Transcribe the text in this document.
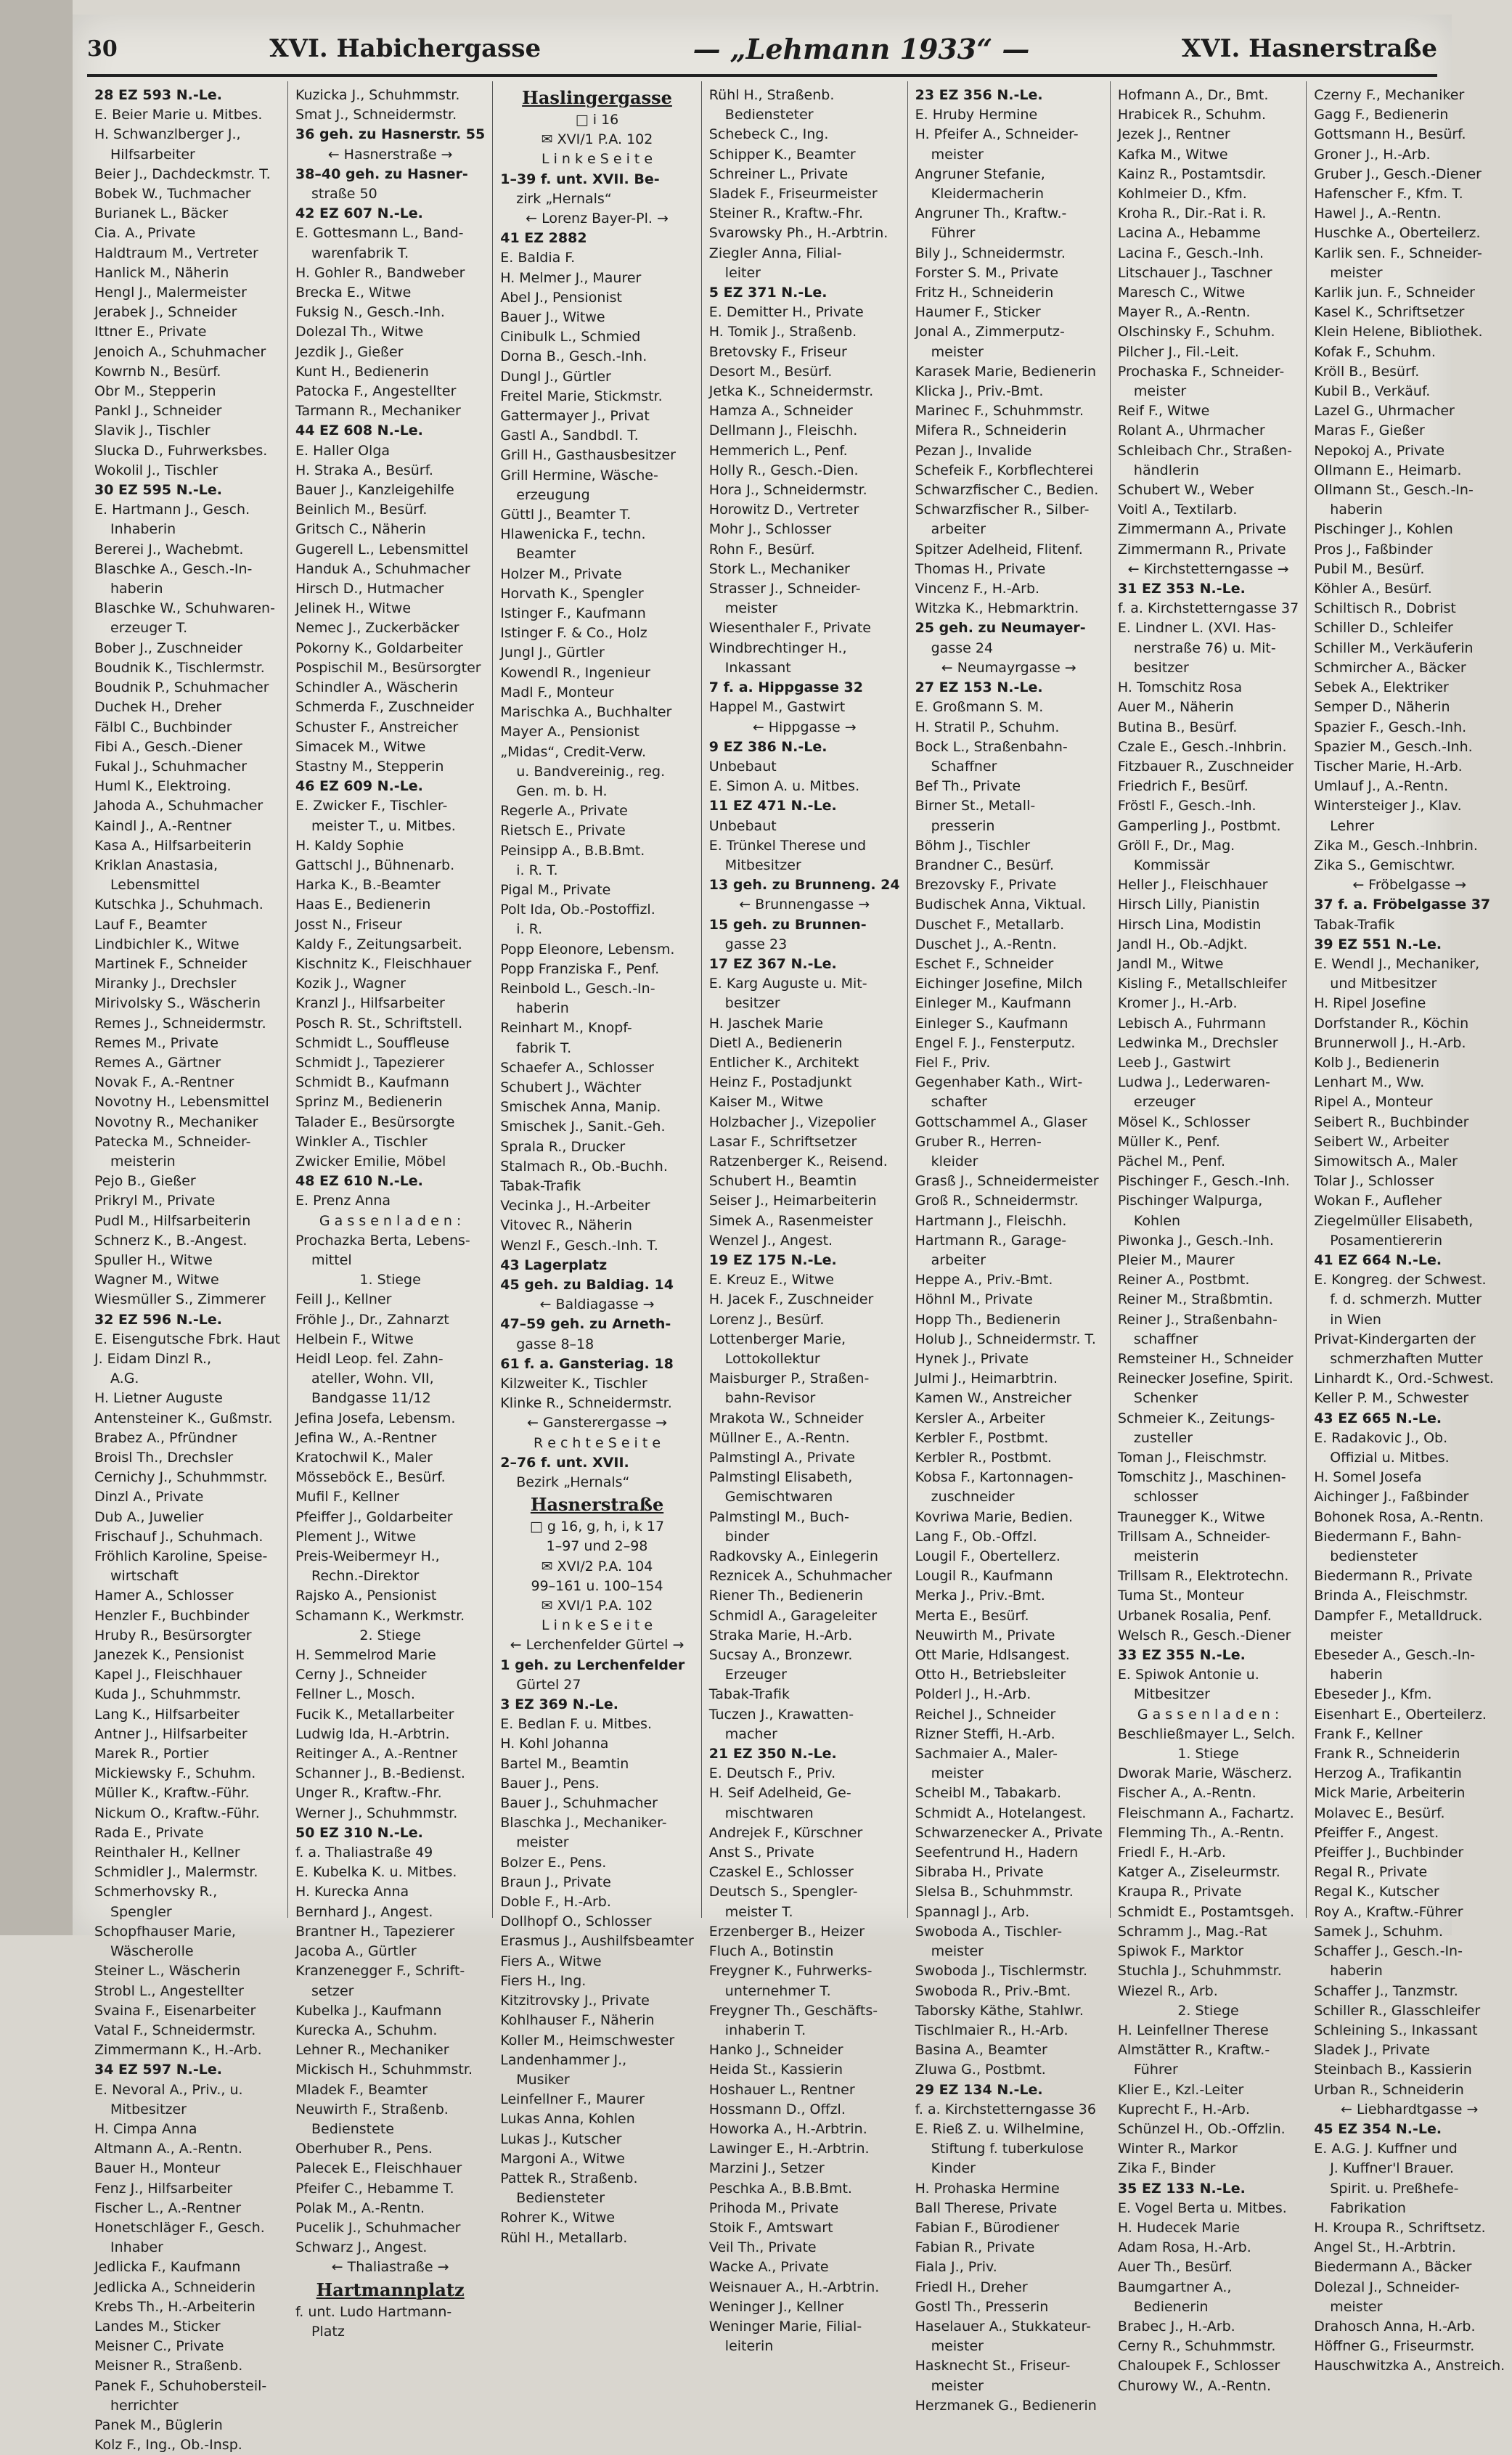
30	XVI. Habichergasse	— „Lehmann 1933“ —	XVI. Hasnerstraße
28 EZ 593 N.-Le.
E. Beier Marie u. Mitbes.
H. Schwanzlberger J.,
Hilfsarbeiter
Beier J., Dachdeckmstr. T.
Bobek W., Tuchmacher
Burianek L., Bäcker
Cia. A., Private
Haldtraum M., Vertreter
Hanlick M., Näherin
Hengl J., Malermeister
Jerabek J., Schneider
Ittner E., Private
Jenoich A., Schuhmacher
Kowrnb N., Besürf.
Obr M., Stepperin
Pankl J., Schneider
Slavik J., Tischler
Slucka D., Fuhrwerksbes.
Wokolil J., Tischler
30 EZ 595 N.-Le.
E. Hartmann J., Gesch.
Inhaberin
Bererei J., Wachebmt.
Blaschke A., Gesch.-In-
haberin
Blaschke W., Schuhwaren-
erzeuger T.
Bober J., Zuschneider
Boudnik K., Tischlermstr.
Boudnik P., Schuhmacher
Duchek H., Dreher
Fälbl C., Buchbinder
Fibi A., Gesch.-Diener
Fukal J., Schuhmacher
Huml K., Elektroing.
Jahoda A., Schuhmacher
Kaindl J., A.-Rentner
Kasa A., Hilfsarbeiterin
Kriklan Anastasia,
Lebensmittel
Kutschka J., Schuhmach.
Lauf F., Beamter
Lindbichler K., Witwe
Martinek F., Schneider
Miranky J., Drechsler
Mirivolsky S., Wäscherin
Remes J., Schneidermstr.
Remes M., Private
Remes A., Gärtner
Novak F., A.-Rentner
Novotny H., Lebensmittel
Novotny R., Mechaniker
Patecka M., Schneider-
meisterin
Pejo B., Gießer
Prikryl M., Private
Pudl M., Hilfsarbeiterin
Schnerz K., B.-Angest.
Spuller H., Witwe
Wagner M., Witwe
Wiesmüller S., Zimmerer
32 EZ 596 N.-Le.
E. Eisengutsche Fbrk. Haut
J. Eidam Dinzl R.,
A.G.
H. Lietner Auguste
Antensteiner K., Gußmstr.
Brabez A., Pfründner
Broisl Th., Drechsler
Cernichy J., Schuhmmstr.
Dinzl A., Private
Dub A., Juwelier
Frischauf J., Schuhmach.
Fröhlich Karoline, Speise-
wirtschaft
Hamer A., Schlosser
Henzler F., Buchbinder
Hruby R., Besürsorgter
Janezek K., Pensionist
Kapel J., Fleischhauer
Kuda J., Schuhmmstr.
Lang K., Hilfsarbeiter
Antner J., Hilfsarbeiter
Marek R., Portier
Mickiewsky F., Schuhm.
Müller K., Kraftw.-Führ.
Nickum O., Kraftw.-Führ.
Rada E., Private
Reinthaler H., Kellner
Schmidler J., Malermstr.
Schmerhovsky R.,
Spengler
Schopfhauser Marie,
Wäscherolle
Steiner L., Wäscherin
Strobl L., Angestellter
Svaina F., Eisenarbeiter
Vatal F., Schneidermstr.
Zimmermann K., H.-Arb.
34 EZ 597 N.-Le.
E. Nevoral A., Priv., u.
Mitbesitzer
H. Cimpa Anna
Altmann A., A.-Rentn.
Bauer H., Monteur
Fenz J., Hilfsarbeiter
Fischer L., A.-Rentner
Honetschläger F., Gesch.
Inhaber
Jedlicka F., Kaufmann
Jedlicka A., Schneiderin
Krebs Th., H.-Arbeiterin
Landes M., Sticker
Meisner C., Private
Meisner R., Straßenb.
Panek F., Schuhobersteil-
herrichter
Panek M., Büglerin
Kolz F., Ing., Ob.-Insp.
Kuzicka J., Schuhmmstr.
Smat J., Schneidermstr.
36 geh. zu Hasnerstr. 55
← Hasnerstraße →
38–40 geh. zu Hasner-
straße 50
42 EZ 607 N.-Le.
E. Gottesmann L., Band-
warenfabrik T.
H. Gohler R., Bandweber
Brecka E., Witwe
Fuksig N., Gesch.-Inh.
Dolezal Th., Witwe
Jezdik J., Gießer
Kunt H., Bedienerin
Patocka F., Angestellter
Tarmann R., Mechaniker
44 EZ 608 N.-Le.
E. Haller Olga
H. Straka A., Besürf.
Bauer J., Kanzleigehilfe
Beinlich M., Besürf.
Gritsch C., Näherin
Gugerell L., Lebensmittel
Handuk A., Schuhmacher
Hirsch D., Hutmacher
Jelinek H., Witwe
Nemec J., Zuckerbäcker
Pokorny K., Goldarbeiter
Pospischil M., Besürsorgter
Schindler A., Wäscherin
Schmerda F., Zuschneider
Schuster F., Anstreicher
Simacek M., Witwe
Stastny M., Stepperin
46 EZ 609 N.-Le.
E. Zwicker F., Tischler-
meister T., u. Mitbes.
H. Kaldy Sophie
Gattschl J., Bühnenarb.
Harka K., B.-Beamter
Haas E., Bedienerin
Josst N., Friseur
Kaldy F., Zeitungsarbeit.
Kischnitz K., Fleischhauer
Kozik J., Wagner
Kranzl J., Hilfsarbeiter
Posch R. St., Schriftstell.
Schmidt L., Souffleuse
Schmidt J., Tapezierer
Schmidt B., Kaufmann
Sprinz M., Bedienerin
Talader E., Besürsorgte
Winkler A., Tischler
Zwicker Emilie, Möbel
48 EZ 610 N.-Le.
E. Prenz Anna
G a s s e n l a d e n :
Prochazka Berta, Lebens-
mittel
1. Stiege
Feill J., Kellner
Fröhle J., Dr., Zahnarzt
Helbein F., Witwe
Heidl Leop. fel. Zahn-
ateller, Wohn. VII,
Bandgasse 11/12
Jefina Josefa, Lebensm.
Jefina W., A.-Rentner
Kratochwil K., Maler
Mösseböck E., Besürf.
Mufil F., Kellner
Pfeiffer J., Goldarbeiter
Plement J., Witwe
Preis-Weibermeyr H.,
Rechn.-Direktor
Rajsko A., Pensionist
Schamann K., Werkmstr.
2. Stiege
H. Semmelrod Marie
Cerny J., Schneider
Fellner L., Mosch.
Fucik K., Metallarbeiter
Ludwig Ida, H.-Arbtrin.
Reitinger A., A.-Rentner
Schanner J., B.-Bedienst.
Unger R., Kraftw.-Fhr.
Werner J., Schuhmmstr.
50 EZ 310 N.-Le.
f. a. Thaliastraße 49
E. Kubelka K. u. Mitbes.
H. Kurecka Anna
Bernhard J., Angest.
Brantner H., Tapezierer
Jacoba A., Gürtler
Kranzenegger F., Schrift-
setzer
Kubelka J., Kaufmann
Kurecka A., Schuhm.
Lehner R., Mechaniker
Mickisch H., Schuhmmstr.
Mladek F., Beamter
Neuwirth F., Straßenb.
Bedienstete
Oberhuber R., Pens.
Palecek E., Fleischhauer
Pfeifer C., Hebamme T.
Polak M., A.-Rentn.
Pucelik J., Schuhmacher
Schwarz J., Angest.
← Thaliastraße →
Hartmannplatz
f. unt. Ludo Hartmann-
Platz
Haslingergasse
□ i 16
✉ XVI/1 P.A. 102
L i n k e S e i t e
1–39 f. unt. XVII. Be-
zirk „Hernals“
← Lorenz Bayer-Pl. →
41 EZ 2882
E. Baldia F.
H. Melmer J., Maurer
Abel J., Pensionist
Bauer J., Witwe
Cinibulk L., Schmied
Dorna B., Gesch.-Inh.
Dungl J., Gürtler
Freitel Marie, Stickmstr.
Gattermayer J., Privat
Gastl A., Sandbdl. T.
Grill H., Gasthausbesitzer
Grill Hermine, Wäsche-
erzeugung
Güttl J., Beamter T.
Hlawenicka F., techn.
Beamter
Holzer M., Private
Horvath K., Spengler
Istinger F., Kaufmann
Istinger F. & Co., Holz
Jungl J., Gürtler
Kowendl R., Ingenieur
Madl F., Monteur
Marischka A., Buchhalter
Mayer A., Pensionist
„Midas“, Credit-Verw.
u. Bandvereinig., reg.
Gen. m. b. H.
Regerle A., Private
Rietsch E., Private
Peinsipp A., B.B.Bmt.
i. R. T.
Pigal M., Private
Polt Ida, Ob.-Postoffizl.
i. R.
Popp Eleonore, Lebensm.
Popp Franziska F., Penf.
Reinbold L., Gesch.-In-
haberin
Reinhart M., Knopf-
fabrik T.
Schaefer A., Schlosser
Schubert J., Wächter
Smischek Anna, Manip.
Smischek J., Sanit.-Geh.
Sprala R., Drucker
Stalmach R., Ob.-Buchh.
Tabak-Trafik
Vecinka J., H.-Arbeiter
Vitovec R., Näherin
Wenzl F., Gesch.-Inh. T.
43 Lagerplatz
45 geh. zu Baldiag. 14
← Baldiagasse →
47–59 geh. zu Arneth-
gasse 8–18
61 f. a. Gansteriag. 18
Kilzweiter K., Tischler
Klinke R., Schneidermstr.
← Gansterergasse →
R e c h t e S e i t e
2–76 f. unt. XVII.
Bezirk „Hernals“
Hasnerstraße
□ g 16, g, h, i, k 17
1–97 und 2–98
✉ XVI/2 P.A. 104
99–161 u. 100–154
✉ XVI/1 P.A. 102
L i n k e S e i t e
← Lerchenfelder Gürtel →
1 geh. zu Lerchenfelder
Gürtel 27
3 EZ 369 N.-Le.
E. Bedlan F. u. Mitbes.
H. Kohl Johanna
Bartel M., Beamtin
Bauer J., Pens.
Bauer J., Schuhmacher
Blaschka J., Mechaniker-
meister
Bolzer E., Pens.
Braun J., Private
Doble F., H.-Arb.
Dollhopf O., Schlosser
Erasmus J., Aushilfsbeamter
Fiers A., Witwe
Fiers H., Ing.
Kitzitrovsky J., Private
Kohlhauser F., Näherin
Koller M., Heimschwester
Landenhammer J.,
Musiker
Leinfellner F., Maurer
Lukas Anna, Kohlen
Lukas J., Kutscher
Margoni A., Witwe
Pattek R., Straßenb.
Bediensteter
Rohrer K., Witwe
Rühl H., Metallarb.
Rühl H., Straßenb.
Bediensteter
Schebeck C., Ing.
Schipper K., Beamter
Schreiner L., Private
Sladek F., Friseurmeister
Steiner R., Kraftw.-Fhr.
Svarowsky Ph., H.-Arbtrin.
Ziegler Anna, Filial-
leiter
5 EZ 371 N.-Le.
E. Demitter H., Private
H. Tomik J., Straßenb.
Bretovsky F., Friseur
Desort M., Besürf.
Jetka K., Schneidermstr.
Hamza A., Schneider
Dellmann J., Fleischh.
Hemmerich L., Penf.
Holly R., Gesch.-Dien.
Hora J., Schneidermstr.
Horowitz D., Vertreter
Mohr J., Schlosser
Rohn F., Besürf.
Stork L., Mechaniker
Strasser J., Schneider-
meister
Wiesenthaler F., Private
Windbrechtinger H.,
Inkassant
7 f. a. Hippgasse 32
Happel M., Gastwirt
← Hippgasse →
9 EZ 386 N.-Le.
Unbebaut
E. Simon A. u. Mitbes.
11 EZ 471 N.-Le.
Unbebaut
E. Trünkel Therese und
Mitbesitzer
13 geh. zu Brunneng. 24
← Brunnengasse →
15 geh. zu Brunnen-
gasse 23
17 EZ 367 N.-Le.
E. Karg Auguste u. Mit-
besitzer
H. Jaschek Marie
Dietl A., Bedienerin
Entlicher K., Architekt
Heinz F., Postadjunkt
Kaiser M., Witwe
Holzbacher J., Vizepolier
Lasar F., Schriftsetzer
Ratzenberger K., Reisend.
Schubert H., Beamtin
Seiser J., Heimarbeiterin
Simek A., Rasenmeister
Wenzel J., Angest.
19 EZ 175 N.-Le.
E. Kreuz E., Witwe
H. Jacek F., Zuschneider
Lorenz J., Besürf.
Lottenberger Marie,
Lottokollektur
Maisburger P., Straßen-
bahn-Revisor
Mrakota W., Schneider
Müllner E., A.-Rentn.
Palmstingl A., Private
Palmstingl Elisabeth,
Gemischtwaren
Palmstingl M., Buch-
binder
Radkovsky A., Einlegerin
Reznicek A., Schuhmacher
Riener Th., Bedienerin
Schmidl A., Garageleiter
Straka Marie, H.-Arb.
Sucsay A., Bronzewr.
Erzeuger
Tabak-Trafik
Tuczen J., Krawatten-
macher
21 EZ 350 N.-Le.
E. Deutsch F., Priv.
H. Seif Adelheid, Ge-
mischtwaren
Andrejek F., Kürschner
Anst S., Private
Czaskel E., Schlosser
Deutsch S., Spengler-
meister T.
Erzenberger B., Heizer
Fluch A., Botinstin
Freygner K., Fuhrwerks-
unternehmer T.
Freygner Th., Geschäfts-
inhaberin T.
Hanko J., Schneider
Heida St., Kassierin
Hoshauer L., Rentner
Hossmann D., Offzl.
Howorka A., H.-Arbtrin.
Lawinger E., H.-Arbtrin.
Marzini J., Setzer
Peschka A., B.B.Bmt.
Prihoda M., Private
Stoik F., Amtswart
Veil Th., Private
Wacke A., Private
Weisnauer A., H.-Arbtrin.
Weninger J., Kellner
Weninger Marie, Filial-
leiterin
23 EZ 356 N.-Le.
E. Hruby Hermine
H. Pfeifer A., Schneider-
meister
Angruner Stefanie,
Kleidermacherin
Angruner Th., Kraftw.-
Führer
Bily J., Schneidermstr.
Forster S. M., Private
Fritz H., Schneiderin
Haumer F., Sticker
Jonal A., Zimmerputz-
meister
Karasek Marie, Bedienerin
Klicka J., Priv.-Bmt.
Marinec F., Schuhmmstr.
Mifera R., Schneiderin
Pezan J., Invalide
Schefeik F., Korbflechterei
Schwarzfischer C., Bedien.
Schwarzfischer R., Silber-
arbeiter
Spitzer Adelheid, Flitenf.
Thomas H., Private
Vincenz F., H.-Arb.
Witzka K., Hebmarktrin.
25 geh. zu Neumayer-
gasse 24
← Neumayrgasse →
27 EZ 153 N.-Le.
E. Großmann S. M.
H. Stratil P., Schuhm.
Bock L., Straßenbahn-
Schaffner
Bef Th., Private
Birner St., Metall-
presserin
Böhm J., Tischler
Brandner C., Besürf.
Brezovsky F., Private
Budischek Anna, Viktual.
Duschet F., Metallarb.
Duschet J., A.-Rentn.
Eschet F., Schneider
Eichinger Josefine, Milch
Einleger M., Kaufmann
Einleger S., Kaufmann
Engel F. J., Fensterputz.
Fiel F., Priv.
Gegenhaber Kath., Wirt-
schafter
Gottschammel A., Glaser
Gruber R., Herren-
kleider
Grasß J., Schneidermeister
Groß R., Schneidermstr.
Hartmann J., Fleischh.
Hartmann R., Garage-
arbeiter
Heppe A., Priv.-Bmt.
Höhnl M., Private
Hopp Th., Bedienerin
Holub J., Schneidermstr. T.
Hynek J., Private
Julmi J., Heimarbtrin.
Kamen W., Anstreicher
Kersler A., Arbeiter
Kerbler F., Postbmt.
Kerbler R., Postbmt.
Kobsa F., Kartonnagen-
zuschneider
Kovriwa Marie, Bedien.
Lang F., Ob.-Offzl.
Lougil F., Obertellerz.
Lougil R., Kaufmann
Merka J., Priv.-Bmt.
Merta E., Besürf.
Neuwirth M., Private
Ott Marie, Hdlsangest.
Otto H., Betriebsleiter
Polderl J., H.-Arb.
Reichel J., Schneider
Rizner Steffi, H.-Arb.
Sachmaier A., Maler-
meister
Scheibl M., Tabakarb.
Schmidt A., Hotelangest.
Schwarzenecker A., Private
Seefentrund H., Hadern
Sibraba H., Private
Slelsa B., Schuhmmstr.
Spannagl J., Arb.
Swoboda A., Tischler-
meister
Swoboda J., Tischlermstr.
Swoboda R., Priv.-Bmt.
Taborsky Käthe, Stahlwr.
Tischlmaier R., H.-Arb.
Basina A., Beamter
Zluwa G., Postbmt.
29 EZ 134 N.-Le.
f. a. Kirchstetterngasse 36
E. Rieß Z. u. Wilhelmine,
Stiftung f. tuberkulose
Kinder
H. Prohaska Hermine
Ball Therese, Private
Fabian F., Bürodiener
Fabian R., Private
Fiala J., Priv.
Friedl H., Dreher
Gostl Th., Presserin
Haselauer A., Stukkateur-
meister
Hasknecht St., Friseur-
meister
Herzmanek G., Bedienerin
Hofmann A., Dr., Bmt.
Hrabicek R., Schuhm.
Jezek J., Rentner
Kafka M., Witwe
Kainz R., Postamtsdir.
Kohlmeier D., Kfm.
Kroha R., Dir.-Rat i. R.
Lacina A., Hebamme
Lacina F., Gesch.-Inh.
Litschauer J., Taschner
Maresch C., Witwe
Mayer R., A.-Rentn.
Olschinsky F., Schuhm.
Pilcher J., Fil.-Leit.
Prochaska F., Schneider-
meister
Reif F., Witwe
Rolant A., Uhrmacher
Schleibach Chr., Straßen-
händlerin
Schubert W., Weber
Voitl A., Textilarb.
Zimmermann A., Private
Zimmermann R., Private
← Kirchstetterngasse →
31 EZ 353 N.-Le.
f. a. Kirchstetterngasse 37
E. Lindner L. (XVI. Has-
nerstraße 76) u. Mit-
besitzer
H. Tomschitz Rosa
Auer M., Näherin
Butina B., Besürf.
Czale E., Gesch.-Inhbrin.
Fitzbauer R., Zuschneider
Friedrich F., Besürf.
Fröstl F., Gesch.-Inh.
Gamperling J., Postbmt.
Gröll F., Dr., Mag.
Kommissär
Heller J., Fleischhauer
Hirsch Lilly, Pianistin
Hirsch Lina, Modistin
Jandl H., Ob.-Adjkt.
Jandl M., Witwe
Kisling F., Metallschleifer
Kromer J., H.-Arb.
Lebisch A., Fuhrmann
Ledwinka M., Drechsler
Leeb J., Gastwirt
Ludwa J., Lederwaren-
erzeuger
Mösel K., Schlosser
Müller K., Penf.
Pächel M., Penf.
Pischinger F., Gesch.-Inh.
Pischinger Walpurga,
Kohlen
Piwonka J., Gesch.-Inh.
Pleier M., Maurer
Reiner A., Postbmt.
Reiner M., Straßbmtin.
Reiner J., Straßenbahn-
schaffner
Remsteiner H., Schneider
Reinecker Josefine, Spirit.
Schenker
Schmeier K., Zeitungs-
zusteller
Toman J., Fleischmstr.
Tomschitz J., Maschinen-
schlosser
Traunegger K., Witwe
Trillsam A., Schneider-
meisterin
Trillsam R., Elektrotechn.
Tuma St., Monteur
Urbanek Rosalia, Penf.
Welsch R., Gesch.-Diener
33 EZ 355 N.-Le.
E. Spiwok Antonie u.
Mitbesitzer
G a s s e n l a d e n :
Beschließmayer L., Selch.
1. Stiege
Dworak Marie, Wäscherz.
Fischer A., A.-Rentn.
Fleischmann A., Fachartz.
Flemming Th., A.-Rentn.
Friedl F., H.-Arb.
Katger A., Ziseleurmstr.
Kraupa R., Private
Schmidt E., Postamtsgeh.
Schramm J., Mag.-Rat
Spiwok F., Marktor
Stuchla J., Schuhmmstr.
Wiezel R., Arb.
2. Stiege
H. Leinfellner Therese
Almstätter R., Kraftw.-
Führer
Klier E., Kzl.-Leiter
Kuprecht F., H.-Arb.
Schünzel H., Ob.-Offzlin.
Winter R., Markor
Zika F., Binder
35 EZ 133 N.-Le.
E. Vogel Berta u. Mitbes.
H. Hudecek Marie
Adam Rosa, H.-Arb.
Auer Th., Besürf.
Baumgartner A.,
Bedienerin
Brabec J., H.-Arb.
Cerny R., Schuhmmstr.
Chaloupek F., Schlosser
Churowy W., A.-Rentn.
Czerny F., Mechaniker
Gagg F., Bedienerin
Gottsmann H., Besürf.
Groner J., H.-Arb.
Gruber J., Gesch.-Diener
Hafenscher F., Kfm. T.
Hawel J., A.-Rentn.
Huschke A., Oberteilerz.
Karlik sen. F., Schneider-
meister
Karlik jun. F., Schneider
Kasel K., Schriftsetzer
Klein Helene, Bibliothek.
Kofak F., Schuhm.
Kröll B., Besürf.
Kubil B., Verkäuf.
Lazel G., Uhrmacher
Maras F., Gießer
Nepokoj A., Private
Ollmann E., Heimarb.
Ollmann St., Gesch.-In-
haberin
Pischinger J., Kohlen
Pros J., Faßbinder
Pubil M., Besürf.
Köhler A., Besürf.
Schiltisch R., Dobrist
Schiller D., Schleifer
Schiller M., Verkäuferin
Schmircher A., Bäcker
Sebek A., Elektriker
Semper D., Näherin
Spazier F., Gesch.-Inh.
Spazier M., Gesch.-Inh.
Tischer Marie, H.-Arb.
Umlauf J., A.-Rentn.
Wintersteiger J., Klav.
Lehrer
Zika M., Gesch.-Inhbrin.
Zika S., Gemischtwr.
← Fröbelgasse →
37 f. a. Fröbelgasse 37
Tabak-Trafik
39 EZ 551 N.-Le.
E. Wendl J., Mechaniker,
und Mitbesitzer
H. Ripel Josefine
Dorfstander R., Köchin
Brunnerwoll J., H.-Arb.
Kolb J., Bedienerin
Lenhart M., Ww.
Ripel A., Monteur
Seibert R., Buchbinder
Seibert W., Arbeiter
Simowitsch A., Maler
Tolar J., Schlosser
Wokan F., Aufleher
Ziegelmüller Elisabeth,
Posamentiererin
41 EZ 664 N.-Le.
E. Kongreg. der Schwest.
f. d. schmerzh. Mutter
in Wien
Privat-Kindergarten der
schmerzhaften Mutter
Linhardt K., Ord.-Schwest.
Keller P. M., Schwester
43 EZ 665 N.-Le.
E. Radakovic J., Ob.
Offizial u. Mitbes.
H. Somel Josefa
Aichinger J., Faßbinder
Bohonek Rosa, A.-Rentn.
Biedermann F., Bahn-
bediensteter
Biedermann R., Private
Brinda A., Fleischmstr.
Dampfer F., Metalldruck.
meister
Ebeseder A., Gesch.-In-
haberin
Ebeseder J., Kfm.
Eisenhart E., Oberteilerz.
Frank F., Kellner
Frank R., Schneiderin
Herzog A., Trafikantin
Mick Marie, Arbeiterin
Molavec E., Besürf.
Pfeiffer F., Angest.
Pfeiffer J., Buchbinder
Regal R., Private
Regal K., Kutscher
Roy A., Kraftw.-Führer
Samek J., Schuhm.
Schaffer J., Gesch.-In-
haberin
Schaffer J., Tanzmstr.
Schiller R., Glasschleifer
Schleining S., Inkassant
Sladek J., Private
Steinbach B., Kassierin
Urban R., Schneiderin
← Liebhardtgasse →
45 EZ 354 N.-Le.
E. A.G. J. Kuffner und
J. Kuffner'l Brauer.
Spirit. u. Preßhefe-
Fabrikation
H. Kroupa R., Schriftsetz.
Angel St., H.-Arbtrin.
Biedermann A., Bäcker
Dolezal J., Schneider-
meister
Drahosch Anna, H.-Arb.
Höffner G., Friseurmstr.
Hauschwitzka A., Anstreich.
